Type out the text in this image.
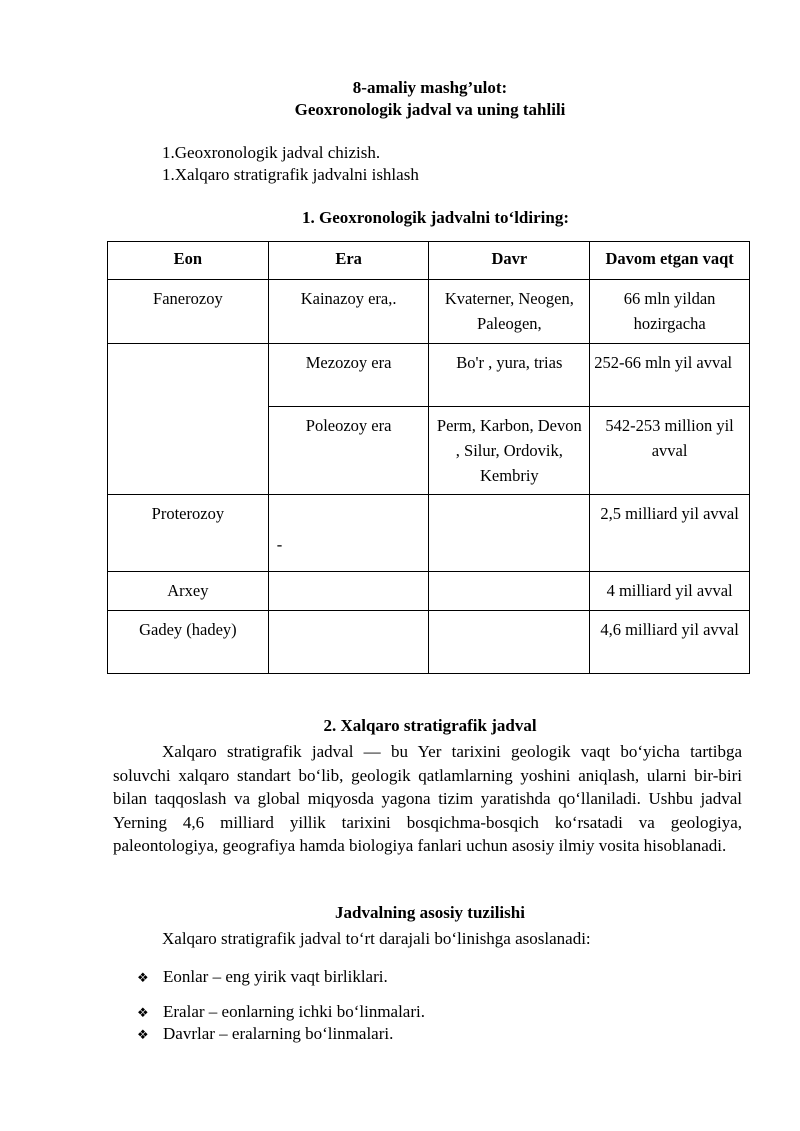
8-amaliy mashg’ulot:
Geoxronologik jadval va uning tahlili
1.Geoxronologik jadval chizish.
1.Xalqaro stratigrafik jadvalni ishlash
1. Geoxronologik jadvalni to‘ldiring:
Eon	Era	Davr	Davom etgan vaqt
Fanerozoy	Kainazoy era,.	Kvaterner, Neogen, Paleogen,	66 mln yildan hozirgacha
	Mezozoy era	Bo'r , yura, trias	252-66 mln yil avval
	Poleozoy era	Perm, Karbon, Devon , Silur, Ordovik, Kembriy	542-253 million yil avval
Proterozoy	-		2,5 milliard yil avval
Arxey			4 milliard yil avval
Gadey (hadey)			4,6 milliard yil avval
2. Xalqaro stratigrafik jadval
Xalqaro stratigrafik jadval — bu Yer tarixini geologik vaqt bo‘yicha tartibga soluvchi xalqaro standart bo‘lib, geologik qatlamlarning yoshini aniqlash, ularni bir-biri bilan taqqoslash va global miqyosda yagona tizim yaratishda qo‘llaniladi. Ushbu jadval Yerning 4,6 milliard yillik tarixini bosqichma-bosqich ko‘rsatadi va geologiya, paleontologiya, geografiya hamda biologiya fanlari uchun asosiy ilmiy vosita hisoblanadi.
Jadvalning asosiy tuzilishi
Xalqaro stratigrafik jadval to‘rt darajali bo‘linishga asoslanadi:
❖ Eonlar – eng yirik vaqt birliklari.
❖ Eralar – eonlarning ichki bo‘linmalari.
❖ Davrlar – eralarning bo‘linmalari.
